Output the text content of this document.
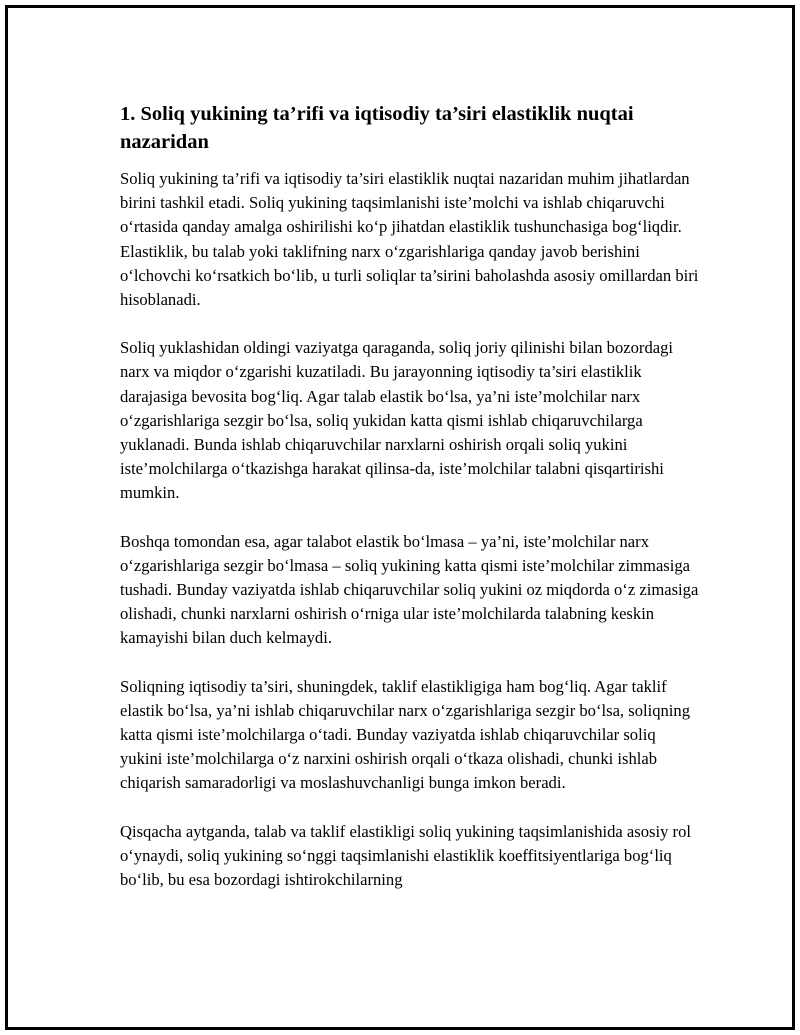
1. Soliq yukining ta’rifi va iqtisodiy ta’siri elastiklik nuqtai nazaridan

Soliq yukining ta’rifi va iqtisodiy ta’siri elastiklik nuqtai nazaridan muhim jihatlardan birini tashkil etadi. Soliq yukining taqsimlanishi iste’molchi va ishlab chiqaruvchi o‘rtasida qanday amalga oshirilishi ko‘p jihatdan elastiklik tushunchasiga bog‘liqdir. Elastiklik, bu talab yoki taklifning narx o‘zgarishlariga qanday javob berishini o‘lchovchi ko‘rsatkich bo‘lib, u turli soliqlar ta’sirini baholashda asosiy omillardan biri hisoblanadi.

Soliq yuklashidan oldingi vaziyatga qaraganda, soliq joriy qilinishi bilan bozordagi narx va miqdor o‘zgarishi kuzatiladi. Bu jarayonning iqtisodiy ta’siri elastiklik darajasiga bevosita bog‘liq. Agar talab elastik bo‘lsa, ya’ni iste’molchilar narx o‘zgarishlariga sezgir bo‘lsa, soliq yukidan katta qismi ishlab chiqaruvchilarga yuklanadi. Bunda ishlab chiqaruvchilar narxlarni oshirish orqali soliq yukini iste’molchilarga o‘tkazishga harakat qilinsa-da, iste’molchilar talabni qisqartirishi mumkin.

Boshqa tomondan esa, agar talabot elastik bo‘lmasa – ya’ni, iste’molchilar narx o‘zgarishlariga sezgir bo‘lmasa – soliq yukining katta qismi iste’molchilar zimmasiga tushadi. Bunday vaziyatda ishlab chiqaruvchilar soliq yukini oz miqdorda o‘z zimasiga olishadi, chunki narxlarni oshirish o‘rniga ular iste’molchilarda talabning keskin kamayishi bilan duch kelmaydi.

Soliqning iqtisodiy ta’siri, shuningdek, taklif elastikligiga ham bog‘liq. Agar taklif elastik bo‘lsa, ya’ni ishlab chiqaruvchilar narx o‘zgarishlariga sezgir bo‘lsa, soliqning katta qismi iste’molchilarga o‘tadi. Bunday vaziyatda ishlab chiqaruvchilar soliq yukini iste’molchilarga o‘z narxini oshirish orqali o‘tkaza olishadi, chunki ishlab chiqarish samaradorligi va moslashuvchanligi bunga imkon beradi.

Qisqacha aytganda, talab va taklif elastikligi soliq yukining taqsimlanishida asosiy rol o‘ynaydi, soliq yukining so‘nggi taqsimlanishi elastiklik koeffitsiyentlariga bog‘liq bo‘lib, bu esa bozordagi ishtirokchilarning
